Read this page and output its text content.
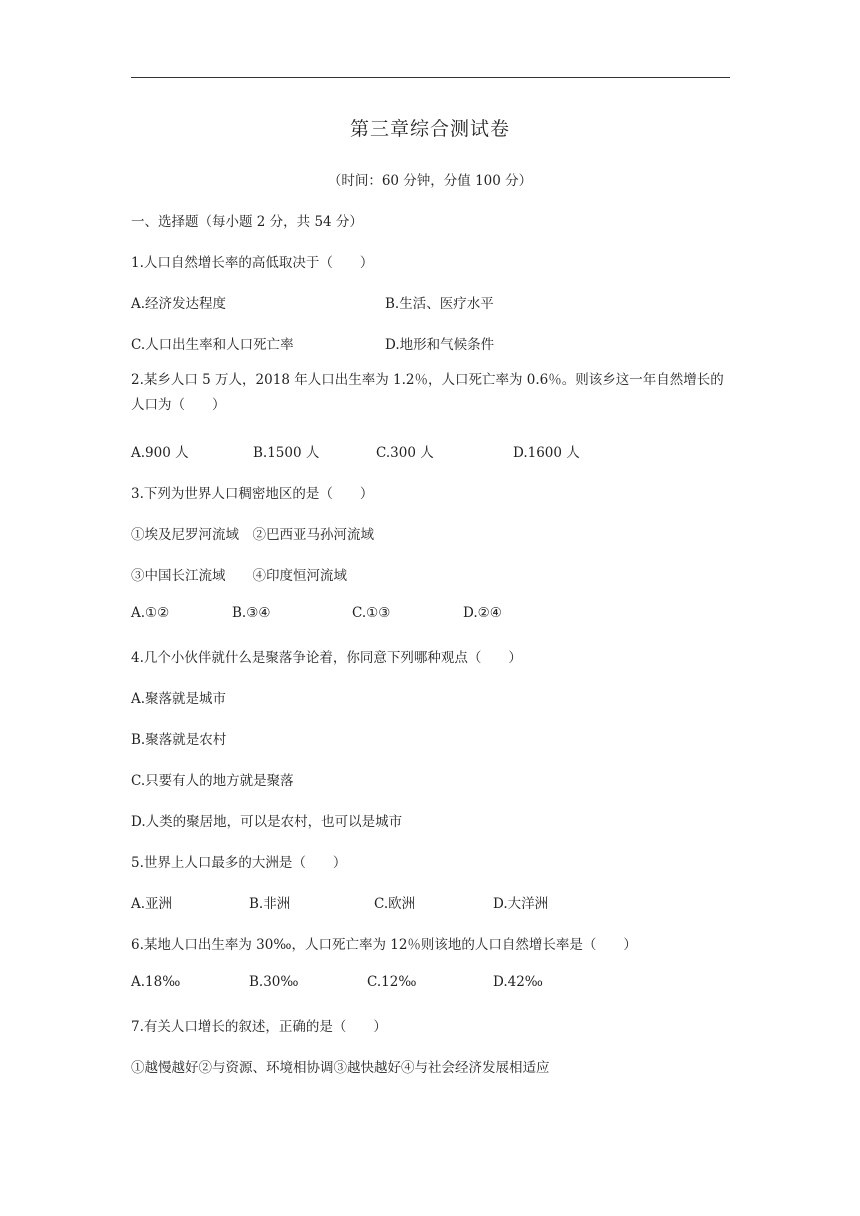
第三章综合测试卷
（时间：60 分钟，分值 100 分）
一、选择题（每小题 2 分，共 54 分）
1.人口自然增长率的高低取决于（　　）
A.经济发达程度	B.生活、医疗水平
C.人口出生率和人口死亡率	D.地形和气候条件
2.某乡人口 5 万人，2018 年人口出生率为 1.2％，人口死亡率为 0.6％。则该乡这一年自然增长的人口为（　　）
A.900 人	B.1500 人	C.300 人	D.1600 人
3.下列为世界人口稠密地区的是（　　）
①埃及尼罗河流域　②巴西亚马孙河流域
③中国长江流域　　④印度恒河流域
A.①②	B.③④	C.①③	D.②④
4.几个小伙伴就什么是聚落争论着，你同意下列哪种观点（　　）
A.聚落就是城市
B.聚落就是农村
C.只要有人的地方就是聚落
D.人类的聚居地，可以是农村，也可以是城市
5.世界上人口最多的大洲是（　　）
A.亚洲	B.非洲	C.欧洲	D.大洋洲
6.某地人口出生率为 30‰，人口死亡率为 12％则该地的人口自然增长率是（　　）
A.18‰	B.30‰	C.12‰	D.42‰
7.有关人口增长的叙述，正确的是（　　）
①越慢越好②与资源、环境相协调③越快越好④与社会经济发展相适应
